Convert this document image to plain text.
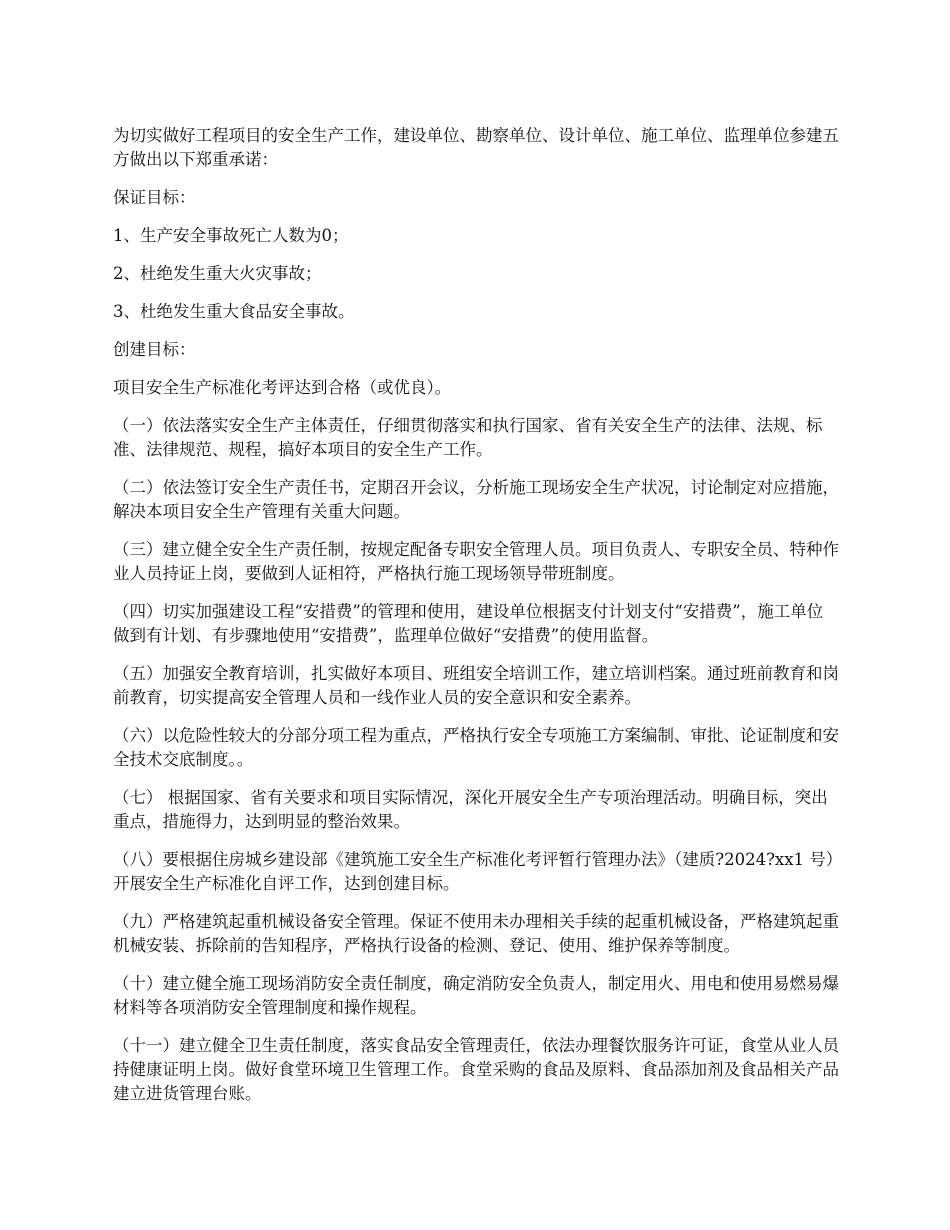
为切实做好工程项目的安全生产工作，建设单位、勘察单位、设计单位、施工单位、监理单位参建五方做出以下郑重承诺：

保证目标：

1、生产安全事故死亡人数为0；

2、杜绝发生重大火灾事故；

3、杜绝发生重大食品安全事故。

创建目标：

项目安全生产标准化考评达到合格（或优良）。

（一）依法落实安全生产主体责任，仔细贯彻落实和执行国家、省有关安全生产的法律、法规、标准、法律规范、规程，搞好本项目的安全生产工作。

（二）依法签订安全生产责任书，定期召开会议，分析施工现场安全生产状况，讨论制定对应措施，解决本项目安全生产管理有关重大问题。

（三）建立健全安全生产责任制，按规定配备专职安全管理人员。项目负责人、专职安全员、特种作业人员持证上岗，要做到人证相符，严格执行施工现场领导带班制度。

（四）切实加强建设工程“安措费”的管理和使用，建设单位根据支付计划支付“安措费”，施工单位做到有计划、有步骤地使用“安措费”，监理单位做好“安措费”的使用监督。

（五）加强安全教育培训，扎实做好本项目、班组安全培训工作，建立培训档案。通过班前教育和岗前教育，切实提高安全管理人员和一线作业人员的安全意识和安全素养。

（六）以危险性较大的分部分项工程为重点，严格执行安全专项施工方案编制、审批、论证制度和安全技术交底制度。。

（七） 根据国家、省有关要求和项目实际情况，深化开展安全生产专项治理活动。明确目标，突出重点，措施得力，达到明显的整治效果。

（八）要根据住房城乡建设部《建筑施工安全生产标准化考评暂行管理办法》（建质?2024?xx1 号）开展安全生产标准化自评工作，达到创建目标。

（九）严格建筑起重机械设备安全管理。保证不使用未办理相关手续的起重机械设备，严格建筑起重机械安装、拆除前的告知程序，严格执行设备的检测、登记、使用、维护保养等制度。

（十）建立健全施工现场消防安全责任制度，确定消防安全负责人，制定用火、用电和使用易燃易爆材料等各项消防安全管理制度和操作规程。

（十一）建立健全卫生责任制度，落实食品安全管理责任，依法办理餐饮服务许可证，食堂从业人员持健康证明上岗。做好食堂环境卫生管理工作。食堂采购的食品及原料、食品添加剂及食品相关产品建立进货管理台账。
